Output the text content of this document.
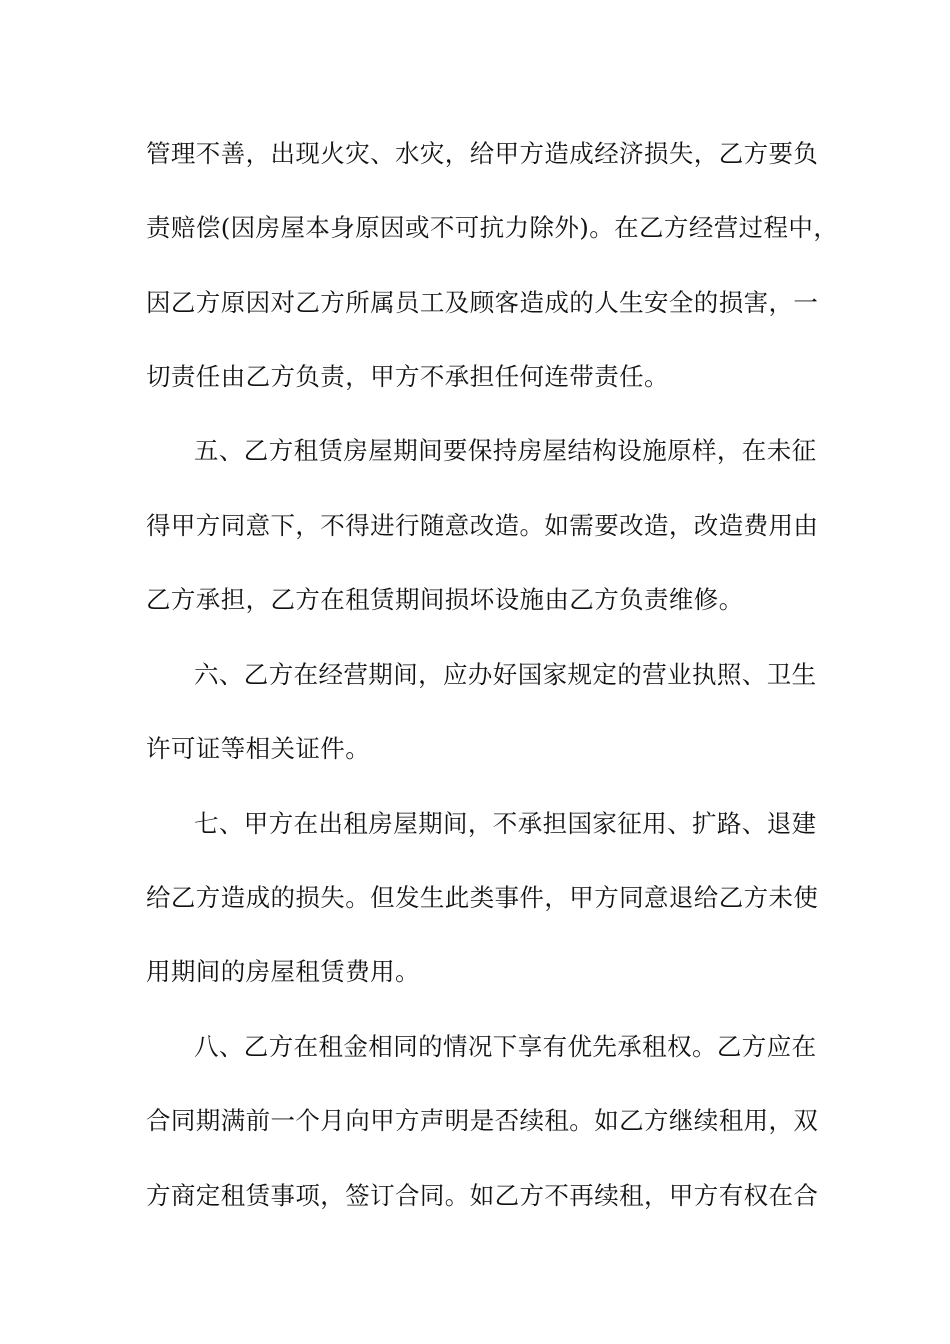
管理不善，出现火灾、水灾，给甲方造成经济损失，乙方要负
责赔偿(因房屋本身原因或不可抗力除外)。在乙方经营过程中，
因乙方原因对乙方所属员工及顾客造成的人生安全的损害，一
切责任由乙方负责，甲方不承担任何连带责任。
五、乙方租赁房屋期间要保持房屋结构设施原样，在未征
得甲方同意下，不得进行随意改造。如需要改造，改造费用由
乙方承担，乙方在租赁期间损坏设施由乙方负责维修。
六、乙方在经营期间，应办好国家规定的营业执照、卫生
许可证等相关证件。
七、甲方在出租房屋期间，不承担国家征用、扩路、退建
给乙方造成的损失。但发生此类事件，甲方同意退给乙方未使
用期间的房屋租赁费用。
八、乙方在租金相同的情况下享有优先承租权。乙方应在
合同期满前一个月向甲方声明是否续租。如乙方继续租用，双
方商定租赁事项，签订合同。如乙方不再续租，甲方有权在合
